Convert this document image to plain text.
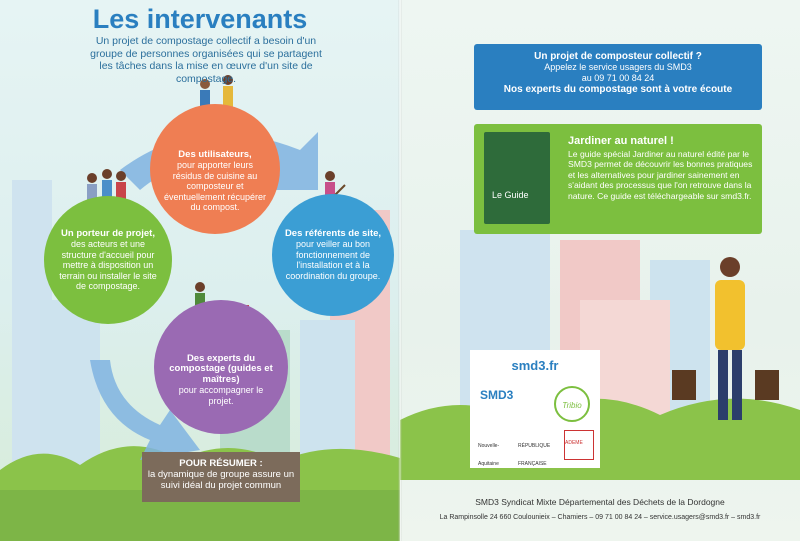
Les intervenants
Un projet de compostage collectif a besoin d'un groupe de personnes organisées qui se partagent les tâches dans la mise en œuvre d'un site de compostage.
Des utilisateurs,
pour apporter leurs résidus de cuisine au composteur et éventuellement récupérer du compost.
Un porteur de projet,
des acteurs et une structure d'accueil pour mettre à disposition un terrain ou installer le site de compostage.
Des référents de site,
pour veiller au bon fonctionnement de l'installation et à la coordination du groupe.
Des experts du compostage (guides et maîtres)
pour accompagner le projet.
POUR RÉSUMER :
la dynamique de groupe assure un suivi idéal du projet commun
Un projet de composteur collectif ?
Appelez le service usagers du SMD3
au 09 71 00 84 24
Nos experts du compostage sont à votre écoute
Le Guide
Jardiner au naturel !
Le guide spécial Jardiner au naturel édité par le SMD3 permet de découvrir les bonnes pratiques et les alternatives pour jardiner sainement en s'aidant des processus que l'on retrouve dans la nature. Ce guide est téléchargeable sur smd3.fr.
smd3.fr
SMD3
Tribio
Nouvelle-Aquitaine
RÉPUBLIQUE FRANÇAISE
ADEME
SMD3 Syndicat Mixte Départemental des Déchets de la Dordogne
La Rampinsolle 24 660 Coulounieix – Chamiers – 09 71 00 84 24 – service.usagers@smd3.fr – smd3.fr
